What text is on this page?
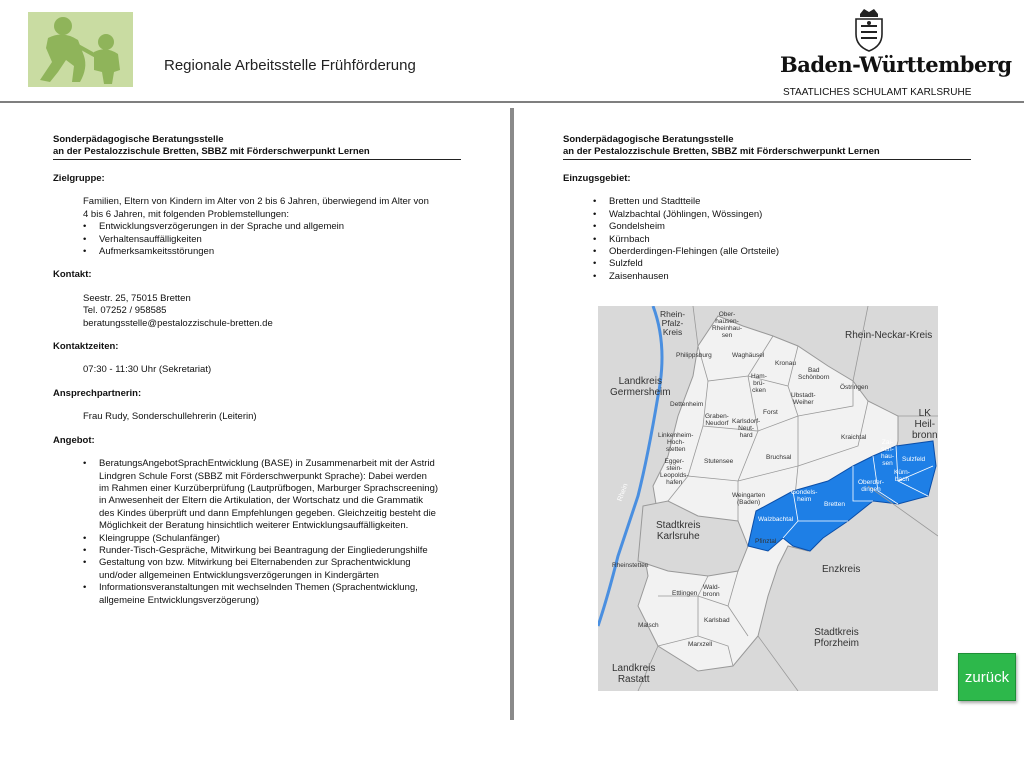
Regionale Arbeitsstelle Frühförderung	Baden-Württemberg
STAATLICHES SCHULAMT KARLSRUHE
Sonderpädagogische Beratungsstelle
an der Pestalozzischule Bretten, SBBZ mit Förderschwerpunkt Lernen
Zielgruppe:
Familien, Eltern von Kindern im Alter von 2 bis 6 Jahren, überwiegend im Alter von
4 bis 6 Jahren, mit folgenden Problemstellungen:
• Entwicklungsverzögerungen in der Sprache und allgemein
• Verhaltensauffälligkeiten
• Aufmerksamkeitsstörungen
Kontakt:
Seestr. 25, 75015 Bretten
Tel. 07252 / 958585
beratungsstelle@pestalozzischule-bretten.de
Kontaktzeiten:
07:30 - 11:30 Uhr (Sekretariat)
Ansprechpartnerin:
Frau Rudy, Sonderschullehrerin (Leiterin)
Angebot:
• BeratungsAngebotSprachEntwicklung (BASE) in Zusammenarbeit mit der Astrid
Lindgren Schule Forst (SBBZ mit Förderschwerpunkt Sprache): Dabei werden
im Rahmen einer Kurzüberprüfung (Lautprüfbogen, Marburger Sprachscreening)
in Anwesenheit der Eltern die Artikulation, der Wortschatz und die Grammatik
des Kindes überprüft und dann Empfehlungen gegeben. Gleichzeitig besteht die
Möglichkeit der Beratung hinsichtlich weiterer Entwicklungsauffälligkeiten.
• Kleingruppe (Schulanfänger)
• Runder-Tisch-Gespräche, Mitwirkung bei Beantragung der Eingliederungshilfe
• Gestaltung von bzw. Mitwirkung bei Elternabenden zur Sprachentwicklung
und/oder allgemeinen Entwicklungsverzögerungen in Kindergärten
• Informationsveranstaltungen mit wechselnden Themen (Sprachentwicklung,
allgemeine Entwicklungsverzögerung)
Sonderpädagogische Beratungsstelle
an der Pestalozzischule Bretten, SBBZ mit Förderschwerpunkt Lernen
Einzugsgebiet:
• Bretten und Stadtteile
• Walzbachtal (Jöhlingen, Wössingen)
• Gondelsheim
• Kürnbach
• Oberderdingen-Flehingen (alle Ortsteile)
• Sulzfeld
• Zaisenhausen
Rhein-
Pfalz-
Kreis
Ober-
hausen-
Rheinhau-
sen	Rhein-Neckar-Kreis
Philippsburg	Waghäusel
Kronau
Bad
Schönborn
Ham-
brü-
cken	Östringen
Landkreis
Germersheim
Dettenheim
Forst
Ubstadt-
Weiher
LK
Heil-
bronn
Graben-
Neudorf Karlsdorf-
Neut-
hard	Kraichtal
Zai-
sen-
hau-
sen
Sulzfeld
Kürn-
bach
Linkenheim-
Hoch-
stetten
Stutensee
Bruchsal
Oberder-
dingen
Egger-
stein-
Leopolds-
hafen
Weingarten
(Baden)
Gondels-
heim
Bretten
Walzbachtal
Stadtkreis
Karlsruhe	Pfinztal
Rheinstetten	Enzkreis
Ettlingen
Wald-
bronn
Karlsbad
Malsch
Stadtkreis
Pforzheim
Marxzell
Landkreis
Rastatt
Rhein
zurück
